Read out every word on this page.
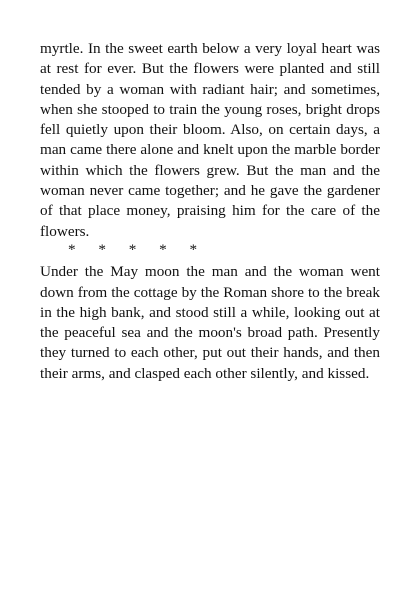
myrtle. In the sweet earth below a very loyal heart was at rest for ever. But the flowers were planted and still tended by a woman with radiant hair; and sometimes, when she stooped to train the young roses, bright drops fell quietly upon their bloom. Also, on certain days, a man came there alone and knelt upon the marble border within which the flowers grew. But the man and the woman never came together; and he gave the gardener of that place money, praising him for the care of the flowers.

*      *      *      *      *

Under the May moon the man and the woman went down from the cottage by the Roman shore to the break in the high bank, and stood still a while, looking out at the peaceful sea and the moon's broad path. Presently they turned to each other, put out their hands, and then their arms, and clasped each other silently, and kissed.
